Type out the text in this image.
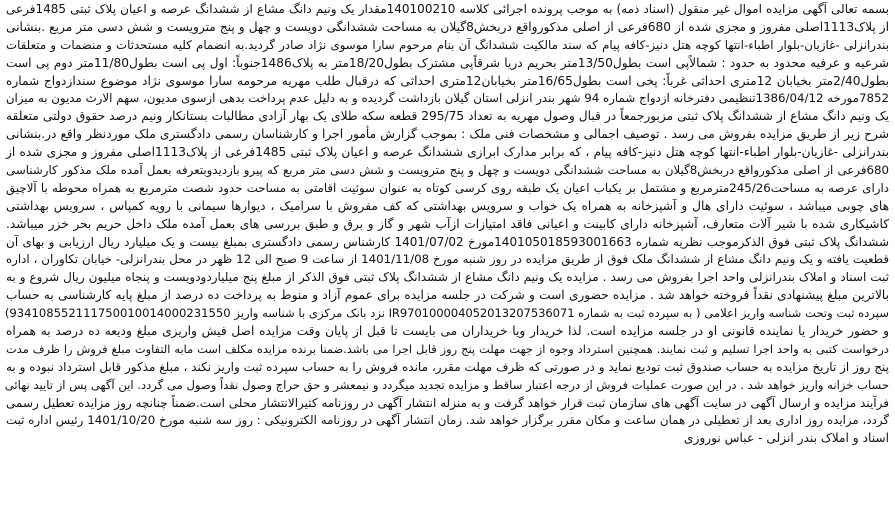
بسمه تعالی آگهی مزایده اموال غیر منقول (اسناد ذمه) به موجب پرونده اجرائی کلاسه 140100210مقدار یک ونیم دانگ مشاع از ششدانگ عرصه و اعیان پلاک ثبتی 1485فرعی
از پلاک1113اصلی مفروز و مجزی شده از 680فرعی از اصلی مذکورواقع دربخش8گیلان به مساحت ششدانگی دویست و چهل و پنج مترویست و شش دسی متر مربع .بنشانی
بندرانزلی -غازیان-بلوار اطباء-انتها کوچه هتل دنیز-کافه پیام که سند مالکیت ششدانگ آن بنام مرحوم سارا موسوی نژاد صادر گردید.به انضمام کلیه مستحدثات و منضمات و متعلقات
شرعیه و عرفیه محدود به حدود : شمالاًپی است بطول13/50متر بحریم دریا شرقاًپی مشترک بطول18/20متر به پلاک1486جنوباً: اول پی است بطول11/80متر دوم پی است
بطول2/40متر بخیابان 12متری احداثی غرباً: پخی است بطول16/65متر بخیابان12متری احداثی که درقبال طلب مهریه مرحومه سارا موسوی نژاد موضوع سندازدواج شماره
7852مورخه 1386/04/12تنظیمی دفترخانه ازدواج شماره 94 شهر بندر انزلی استان گیلان بازداشت گردیده و به دلیل عدم پرداخت بدهی ازسوی مدیون، سهم الارث مدیون به میزان
یک ونیم دانگ مشاع از ششدانگ پلاک ثبتی مزبورجمعاً در قبال وصول مهریه به تعداد 295/75 قطعه سکه طلای یک بهار آزادی مطالبات بستانکار ونیم درصد حقوق دولتی متعلقه
شرح زیر از طریق مزایده بفروش می رسد . توصیف اجمالی و مشخصات فنی ملک : بموجب گزارش مأمور اجرا و کارشناسان رسمی دادگستری ملک موردنظر واقع در.بنشانی
بندرانزلی -غازیان-بلوار اطباء-انتها کوچه هتل دنیز-کافه پیام ، که برابر مدارک ابرازی ششدانگ عرصه و اعیان پلاک ثبتی 1485فرعی از پلاک1113اصلی مفروز و مجزی شده از
680فرعی از اصلی مذکورواقع دربخش8گیلان به مساحت ششدانگی دویست و چهل و پنج مترویست و شش دسی متر مربع که پیرو بازدیدوبتعرفه بعمل آمده ملک مذکور کارشناسی
دارای عرصه به مساحت245/26مترمربع و مشتمل بر یکباب اعیان یک طبقه روی کرسی کوتاه به عنوان سوئیت اقامتی به مساحت حدود شصت مترمربع به همراه محوطه با آلاچیق
های چوبی میباشد ، سوئیت دارای هال و آشپزخانه به همراه یک خواب و سرویس بهداشتی که کف مفروش با سرامیک ، دیوارها سیمانی با رویه کمپاس ، سرویس بهداشتی
کاشیکاری شده با شیر آلات متعارف، آشپزخانه دارای کابینت و اعیانی فاقد امتیازات ازآب شهر و گاز و برق و طبق بررسی های بعمل آمده ملک داخل حریم بحر خزر میباشد.
ششدانگ پلاک ثبتی فوق الذکرموجب نظریه شماره 140105018593001663مورخ 1401/07/02 کارشناس رسمی دادگستری بمبلغ بیست و یک میلیارد ریال ارزیابی و بهای آن
قطعیت یافته و یک ونیم دانگ مشاع از ششدانگ ملک فوق از طریق مزایده در روز شنبه مورخ 1401/11/08 از ساعت 9 صبح الی 12 ظهر در محل بندرانزلی- خیابان تکاوران ، اداره
ثبت اسناد و املاک بندرانزلی واحد اجرا بفروش می رسد . مزایده یک ونیم دانگ مشاع از ششدانگ پلاک ثبتی فوق الذکر از مبلغ پنج میلیاردودویست و پنجاه میلیون ریال شروع و به
بالاترین مبلغ پیشنهادی نقداً فروخته خواهد شد . مزایده حضوری است و شرکت در جلسه مزایده برای عموم آزاد و منوط به پرداخت ده درصد از مبلغ پایه کارشناسی به حساب
سپرده ثبت وتحت شناسه واریز اعلامی ( به سپرده ثبت به شماره IR970100004052013207536071 نزد بانک مرکزی با شناسه واریز 934108552111750010014000231550)
و حضور خریدار یا نماینده قانونی او در جلسه مزایده است. لذا خریدار ویا خریداران می بایست تا قبل از پایان وقت مزایده اصل فیش واریزی مبلغ ودیعه ده درصد به همراه
درخواست کتبی به واحد اجرا تسلیم و ثبت نمایند. همچنین استرداد وجوه از جهت مهلت پنج روز قابل اجرا می باشد.ضمنا برنده مزایده مکلف است مابه التفاوت مبلغ فروش را ظرف مدت
پنج روز از تاریخ مزایده به حساب صندوق ثبت تودیع نماید و در صورتی که ظرف مهلت مقرر، مانده فروش را به حساب سپرده ثبت واریز نکند ، مبلغ مذکور قابل استرداد نبوده و به
حساب خزانه واریز خواهد شد . در این صورت عملیات فروش از درجه اعتبار ساقط و مزایده تجدید میگردد و نیمعشر و حق حراج وصول نقداً وصول می گردد. این آگهی پس از تایید نهائی
فرآیند مزایده و ارسال آگهی در سایت آگهی های سازمان ثبت قرار خواهد گرفت و به منزله انتشار آگهی در روزنامه کثیرالانتشار محلی است.ضمناً چنانچه روز مزایده تعطیل رسمی
گردد، مزایده روز اداری بعد از تعطیلی در همان ساعت و مکان مقرر برگزار خواهد شد. زمان انتشار آگهی در روزنامه الکترونیکی : روز سه شنبه مورخ 1401/10/20 رئیس اداره ثبت
اسناد و املاک بندر انزلی - عباس نوروزی
